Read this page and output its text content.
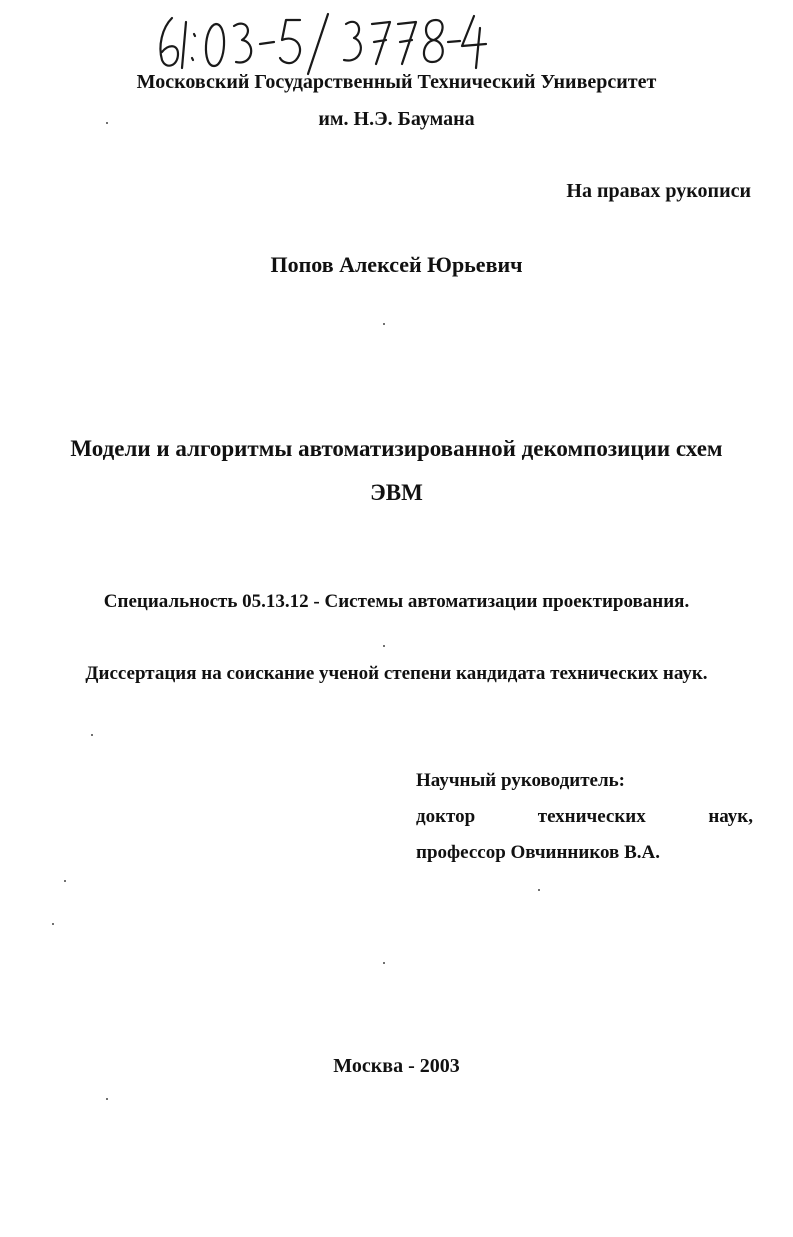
Московский Государственный Технический Университет
им. Н.Э. Баумана
На правах рукописи
Попов Алексей Юрьевич
Модели и алгоритмы автоматизированной декомпозиции схем
ЭВМ
Специальность 05.13.12 - Системы автоматизации проектирования.
Диссертация на соискание ученой степени кандидата технических наук.
Научный руководитель:
доктор	технических	наук,
профессор Овчинников В.А.
Москва - 2003
